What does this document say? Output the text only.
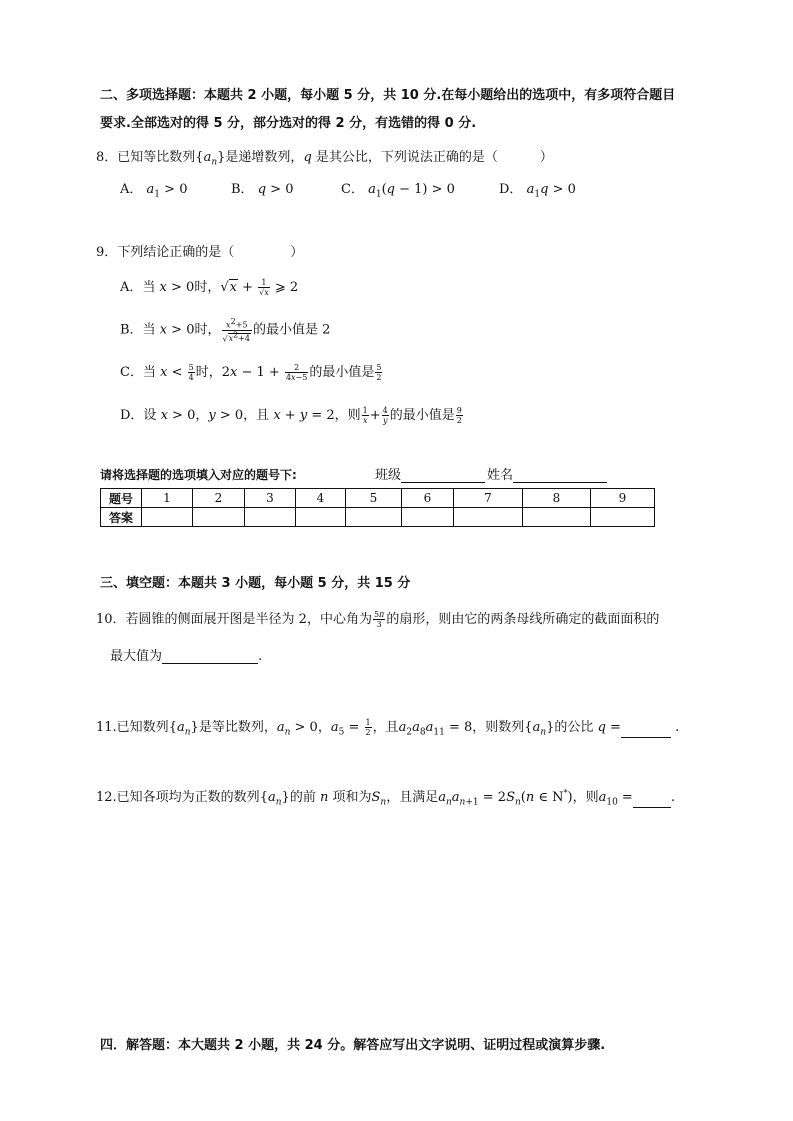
二、多项选择题：本题共 2 小题，每小题 5 分，共 10 分.在每小题给出的选项中，有多项符合题目
要求.全部选对的得 5 分，部分选对的得 2 分，有选错的得 0 分.
8．已知等比数列$\{a_n\}$是递增数列，q 是其公比，下列说法正确的是（	）
A． $a_1 > 0$	B． q > 0	C． $a_1(q - 1) > 0$	D． $a_1q > 0$
9．下列结论正确的是（	）
A．当 x > 0时，$√x + \frac{1}{√x}$ ⩾ 2
B．当 x > 0时， $\frac{x^2+5}{√x^2+4}$ 的最小值是 2
C．当 $x < \frac{5}{4}$ 时，$2x - 1 + \frac{2}{4x-5}$ 的最小值是 $\frac{5}{2}$
D．设 x > 0，y > 0，且 x + y = 2，则 $\frac{1}{x} + \frac{4}{y}$ 的最小值是 $\frac{9}{2}$
请将选择题的选项填入对应的题号下:	班级	姓名
题号	1	2	3	4	5	6	7	8	9
答案									
三、填空题：本题共 3 小题，每小题 5 分，共 15 分
10．若圆锥的侧面展开图是半径为 2，中心角为 $\frac{5\pi}{3}$ 的扇形，则由它的两条母线所确定的截面面积的
最大值为	.
11.已知数列$\{a_n\}$是等比数列，$a_n > 0$，$a_5 = \frac{1}{2}$ ，且$a_2a_8a_{11} = 8$，则数列$\{a_n\}$的公比 q =	.
12.已知各项均为正数的数列$\{a_n\}$的前 n 项和为$S_n$，且满足$a_na_{n+1} = 2S_n(n$ ∈ N*)，则$a_{10}$ =	.
四．解答题：本大题共 2 小题，共 24 分。解答应写出文字说明、证明过程或演算步骤.
